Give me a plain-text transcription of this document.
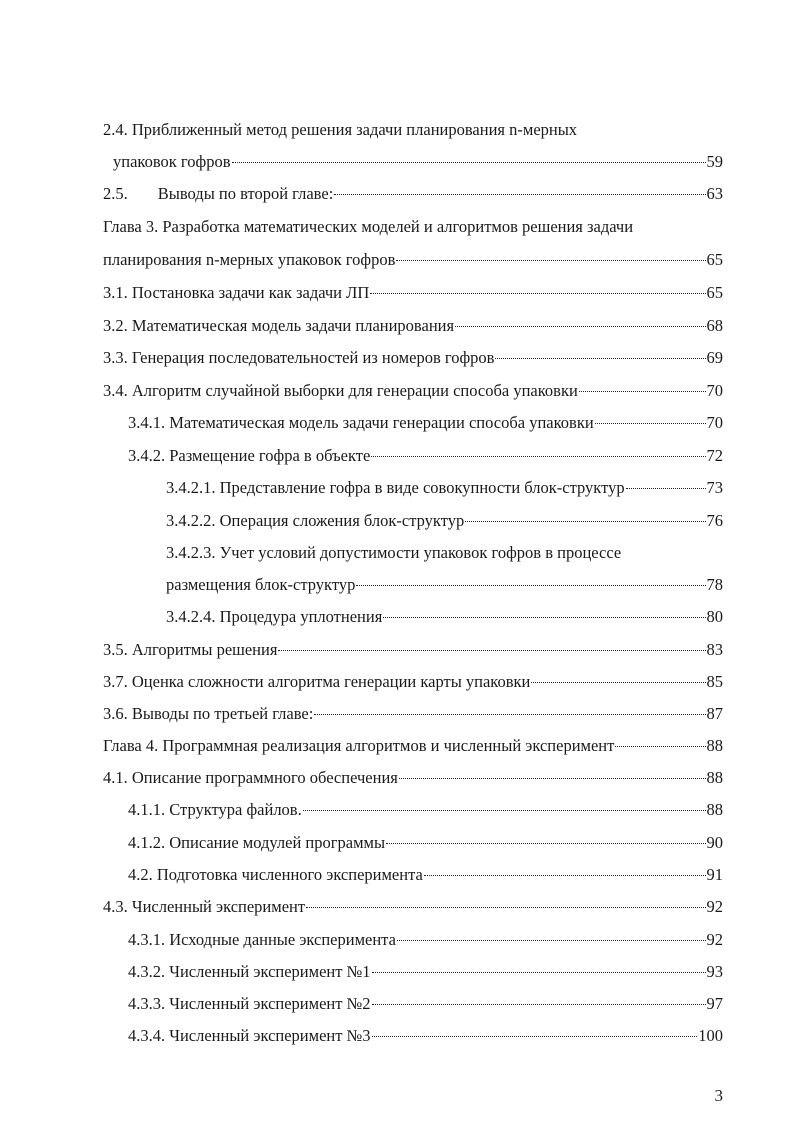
2.4. Приближенный метод решения задачи планирования n-мерных
упаковок гофров	59
2.5. Выводы по второй главе:	63
Глава 3. Разработка математических моделей и алгоритмов решения задачи
планирования n-мерных упаковок гофров	65
3.1. Постановка задачи как задачи ЛП	65
3.2. Математическая модель задачи планирования	68
3.3. Генерация последовательностей из номеров гофров	69
3.4. Алгоритм случайной выборки для генерации способа упаковки	70
3.4.1. Математическая модель задачи генерации способа упаковки	70
3.4.2. Размещение гофра в объекте	72
3.4.2.1. Представление гофра в виде совокупности блок-структур	73
3.4.2.2. Операция сложения блок-структур	76
3.4.2.3. Учет условий допустимости упаковок гофров в процессе
размещения блок-структур	78
3.4.2.4. Процедура уплотнения	80
3.5. Алгоритмы решения	83
3.7. Оценка сложности алгоритма генерации карты упаковки	85
3.6. Выводы по третьей главе:	87
Глава 4. Программная реализация алгоритмов и численный эксперимент	88
4.1. Описание программного обеспечения	88
4.1.1. Структура файлов.	88
4.1.2. Описание модулей программы	90
4.2. Подготовка численного эксперимента	91
4.3. Численный эксперимент	92
4.3.1. Исходные данные эксперимента	92
4.3.2. Численный эксперимент №1	93
4.3.3. Численный эксперимент №2	97
4.3.4. Численный эксперимент №3	100
3
